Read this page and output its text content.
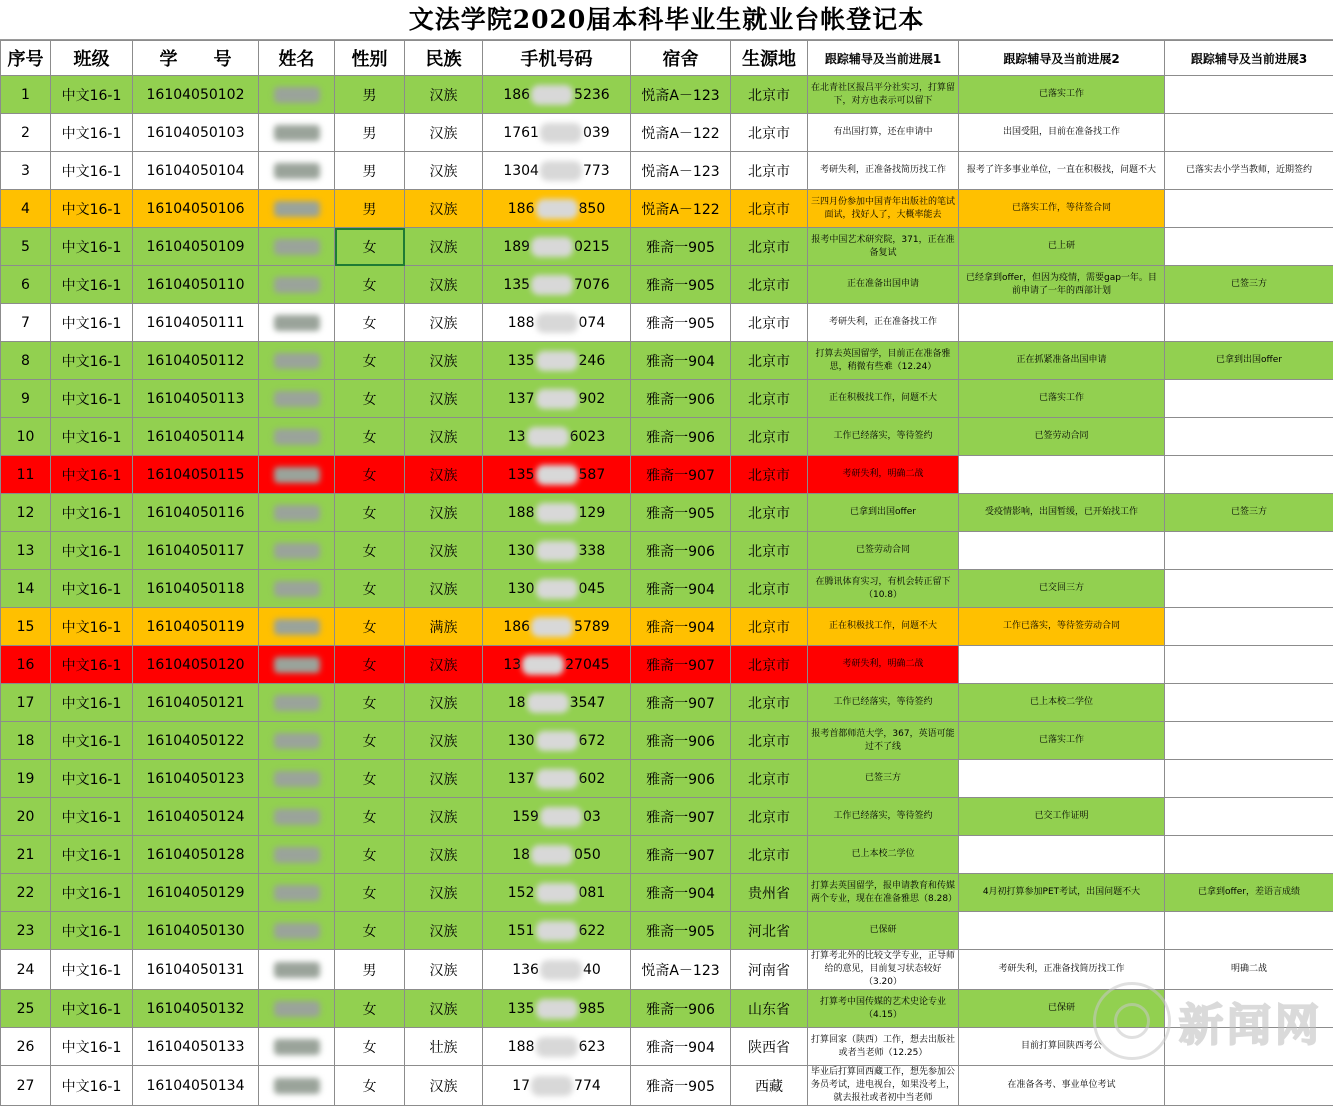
文法学院2020届本科毕业生就业台帐登记本
序号	班级	学　　号	姓名	性别	民族	手机号码	宿舍	生源地	跟踪辅导及当前进展1	跟踪辅导及当前进展2	跟踪辅导及当前进展3
1	中文16-1	16104050102		男	汉族	186 5236	悦斋A－123	北京市	在北青社区报吕平分社实习，打算留下，对方也表示可以留下	已落实工作	
2	中文16-1	16104050103		男	汉族	1761 039	悦斋A－122	北京市	有出国打算，还在申请中	出国受阻，目前在准备找工作	
3	中文16-1	16104050104		男	汉族	1304 773	悦斋A－123	北京市	考研失利，正准备找简历找工作	报考了许多事业单位，一直在积极找，问题不大	已落实去小学当教师，近期签约
4	中文16-1	16104050106		男	汉族	186 850	悦斋A－122	北京市	三四月份参加中国青年出版社的笔试面试，找好人了，大概率能去	已落实工作，等待签合同	
5	中文16-1	16104050109		女	汉族	189 0215	雅斋一905	北京市	报考中国艺术研究院，371，正在准备复试	已上研	
6	中文16-1	16104050110		女	汉族	135 7076	雅斋一905	北京市	正在准备出国申请	已经拿到offer，但因为疫情，需要gap一年。目前申请了一年的西部计划	已签三方
7	中文16-1	16104050111		女	汉族	188 074	雅斋一905	北京市	考研失利，正在准备找工作		
8	中文16-1	16104050112		女	汉族	135 246	雅斋一904	北京市	打算去英国留学，目前正在准备雅思，稍微有些难（12.24）	正在抓紧准备出国申请	已拿到出国offer
9	中文16-1	16104050113		女	汉族	137 902	雅斋一906	北京市	正在积极找工作，问题不大	已落实工作	
10	中文16-1	16104050114		女	汉族	13 6023	雅斋一906	北京市	工作已经落实，等待签约	已签劳动合同	
11	中文16-1	16104050115		女	汉族	135 587	雅斋一907	北京市	考研失利，明确二战		
12	中文16-1	16104050116		女	汉族	188 129	雅斋一905	北京市	已拿到出国offer	受疫情影响，出国暂缓，已开始找工作	已签三方
13	中文16-1	16104050117		女	汉族	130 338	雅斋一906	北京市	已签劳动合同		
14	中文16-1	16104050118		女	汉族	130 045	雅斋一904	北京市	在腾讯体育实习，有机会转正留下（10.8）	已交回三方	
15	中文16-1	16104050119		女	满族	186 5789	雅斋一904	北京市	正在积极找工作，问题不大	工作已落实，等待签劳动合同	
16	中文16-1	16104050120		女	汉族	13 27045	雅斋一907	北京市	考研失利，明确二战		
17	中文16-1	16104050121		女	汉族	18 3547	雅斋一907	北京市	工作已经落实，等待签约	已上本校二学位	
18	中文16-1	16104050122		女	汉族	130 672	雅斋一906	北京市	报考首都师范大学，367，英语可能过不了线	已落实工作	
19	中文16-1	16104050123		女	汉族	137 602	雅斋一906	北京市	已签三方		
20	中文16-1	16104050124		女	汉族	159 03	雅斋一907	北京市	工作已经落实，等待签约	已交工作证明	
21	中文16-1	16104050128		女	汉族	18 050	雅斋一907	北京市	已上本校二学位		
22	中文16-1	16104050129		女	汉族	152 081	雅斋一904	贵州省	打算去英国留学，报申请教育和传媒两个专业，现在在准备雅思（8.28）	4月初打算参加PET考试，出国问题不大	已拿到offer，差语言成绩
23	中文16-1	16104050130		女	汉族	151 622	雅斋一905	河北省	已保研		
24	中文16-1	16104050131		男	汉族	136 40	悦斋A－123	河南省	打算考北外的比较文学专业，正导师给的意见，目前复习状态较好（3.20）	考研失利，正准备找简历找工作	明确二战
25	中文16-1	16104050132		女	汉族	135 985	雅斋一906	山东省	打算考中国传媒的艺术史论专业（4.15）	已保研	
26	中文16-1	16104050133		女	壮族	188 623	雅斋一904	陕西省	打算回家（陕西）工作，想去出版社或者当老师（12.25）	目前打算回陕西考公	
27	中文16-1	16104050134		女	汉族	17 774	雅斋一905	西藏	毕业后打算回西藏工作，想先参加公务员考试，进电视台，如果没考上，就去报社或者初中当老师	在准备各考、事业单位考试	
新闻网
